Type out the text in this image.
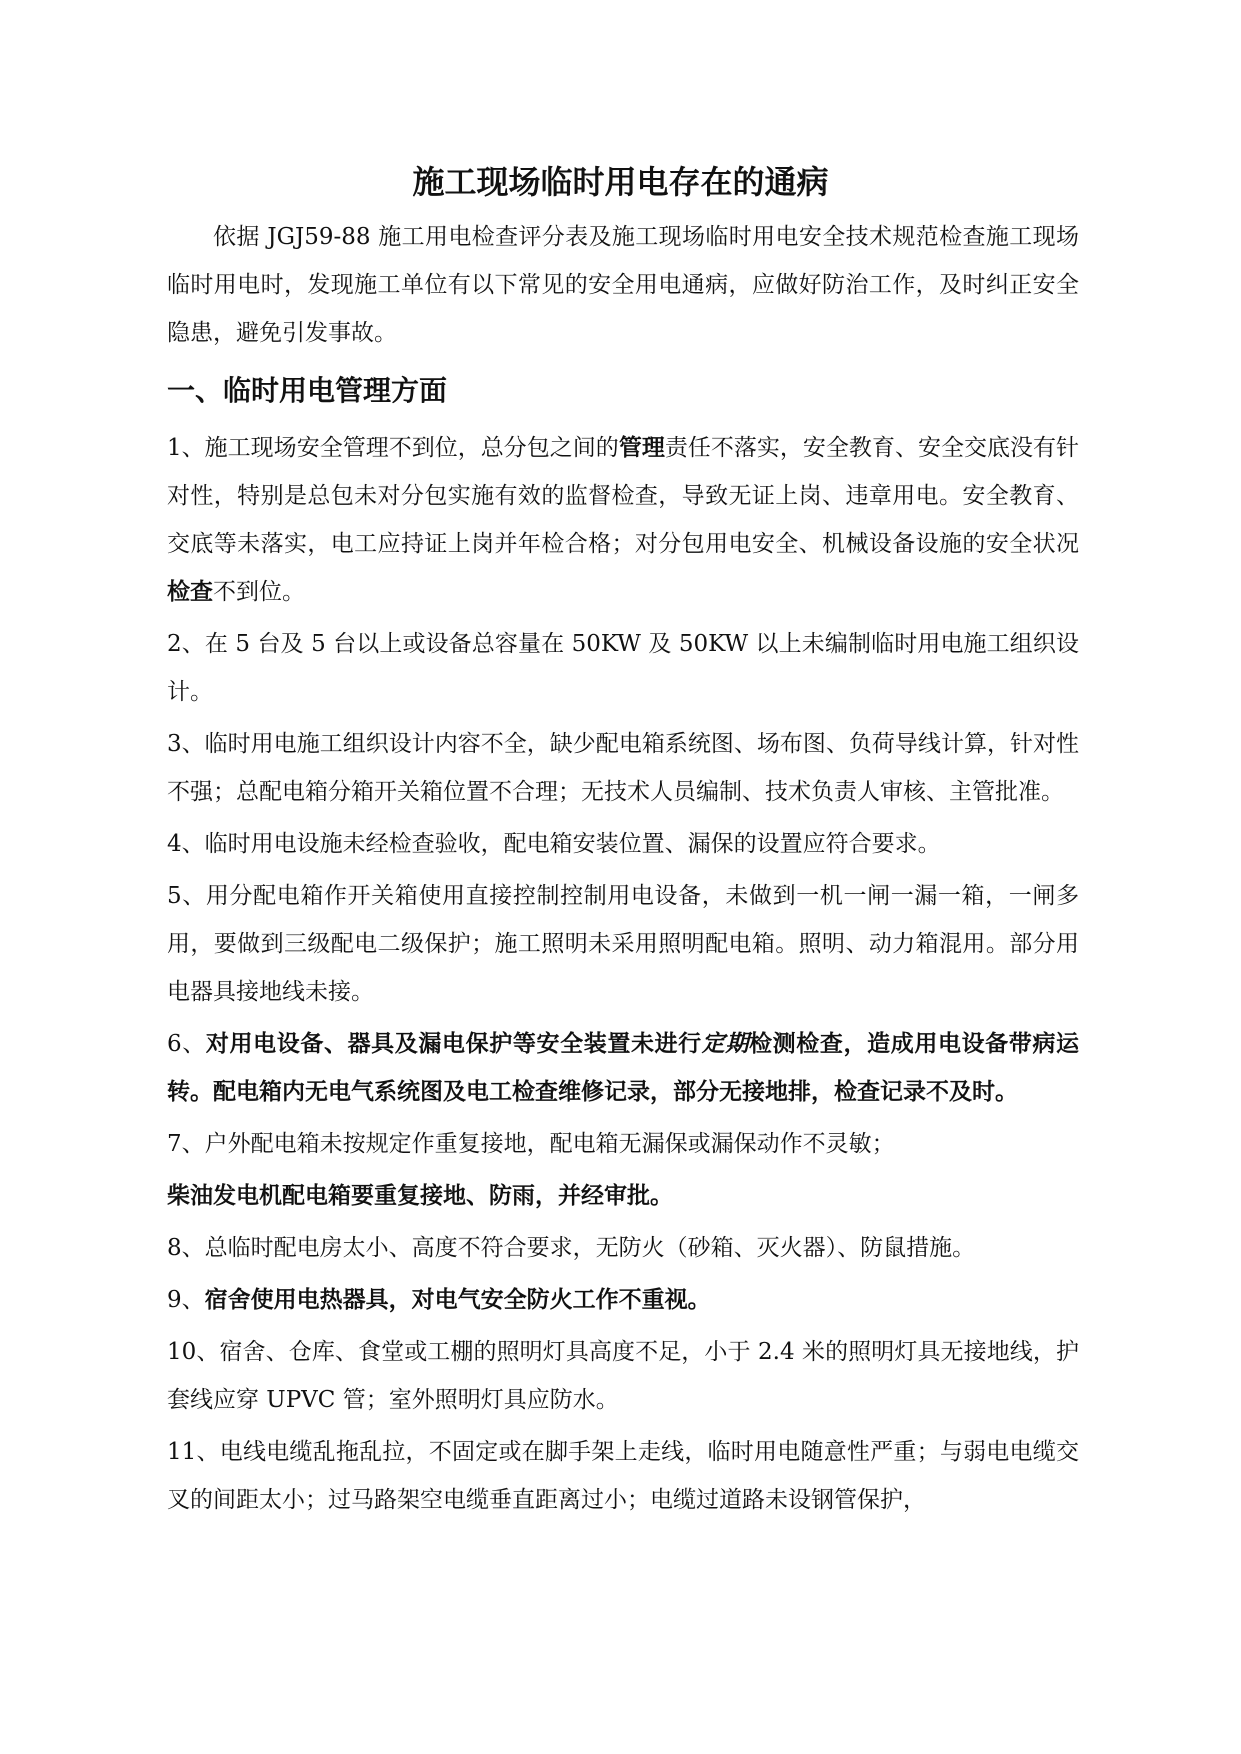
施工现场临时用电存在的通病

依据 JGJ59-88 施工用电检查评分表及施工现场临时用电安全技术规范检查施工现场临时用电时，发现施工单位有以下常见的安全用电通病，应做好防治工作，及时纠正安全隐患，避免引发事故。

一、临时用电管理方面

1、施工现场安全管理不到位，总分包之间的管理责任不落实，安全教育、安全交底没有针对性，特别是总包未对分包实施有效的监督检查，导致无证上岗、违章用电。安全教育、交底等未落实，电工应持证上岗并年检合格；对分包用电安全、机械设备设施的安全状况检查不到位。

2、在 5 台及 5 台以上或设备总容量在 50KW 及 50KW 以上未编制临时用电施工组织设计。

3、临时用电施工组织设计内容不全，缺少配电箱系统图、场布图、负荷导线计算，针对性不强；总配电箱分箱开关箱位置不合理；无技术人员编制、技术负责人审核、主管批准。

4、临时用电设施未经检查验收，配电箱安装位置、漏保的设置应符合要求。

5、用分配电箱作开关箱使用直接控制控制用电设备，未做到一机一闸一漏一箱，一闸多用，要做到三级配电二级保护；施工照明未采用照明配电箱。照明、动力箱混用。部分用电器具接地线未接。

6、对用电设备、器具及漏电保护等安全装置未进行定期检测检查，造成用电设备带病运转。配电箱内无电气系统图及电工检查维修记录，部分无接地排，检查记录不及时。

7、户外配电箱未按规定作重复接地，配电箱无漏保或漏保动作不灵敏；

柴油发电机配电箱要重复接地、防雨，并经审批。

8、总临时配电房太小、高度不符合要求，无防火（砂箱、灭火器）、防鼠措施。

9、宿舍使用电热器具，对电气安全防火工作不重视。

10、宿舍、仓库、食堂或工棚的照明灯具高度不足，小于 2.4 米的照明灯具无接地线，护套线应穿 UPVC 管；室外照明灯具应防水。

11、电线电缆乱拖乱拉，不固定或在脚手架上走线，临时用电随意性严重；与弱电电缆交叉的间距太小；过马路架空电缆垂直距离过小；电缆过道路未设钢管保护，
